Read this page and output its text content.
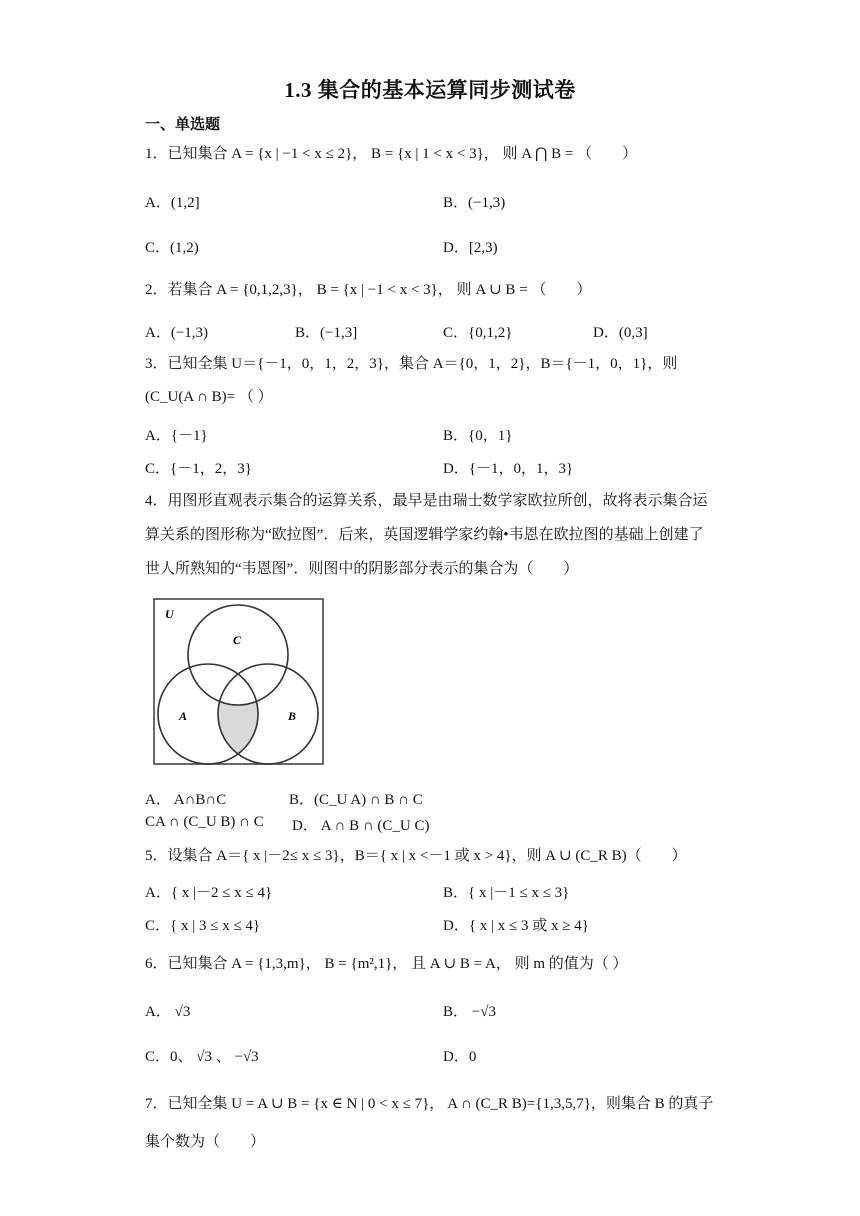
1.3 集合的基本运算同步测试卷
一、单选题
1．已知集合 A = {x | −1 < x ≤ 2}， B = {x | 1 < x < 3}， 则 A ⋂ B = （　　）
A．(1,2]	B．(−1,3)
C．(1,2)	D．[2,3)
2．若集合 A = {0,1,2,3}， B = {x | −1 < x < 3}， 则 A ∪ B = （　　）
A．(−1,3)	B．(−1,3]	C．{0,1,2}	D．(0,3]
3．已知全集 U＝{－1，0，1，2，3}，集合 A＝{0，1，2}，B＝{－1，0，1}，则(C_U(A ∩ B)= （ ）
A．{－1}	B．{0，1}
C．{－1，2，3}	D．{－1，0，1，3}
4．用图形直观表示集合的运算关系，最早是由瑞士数学家欧拉所创，故将表示集合运算关系的图形称为“欧拉图”．后来，英国逻辑学家约翰•韦恩在欧拉图的基础上创建了世人所熟知的“韦恩图”．则图中的阴影部分表示的集合为（　　）
U
C
A	B
A． A∩B∩C	B．(C_U A) ∩ B ∩ C
CA ∩ (C_U B) ∩ C D． A ∩ B ∩ (C_U C)
5．设集合 A＝{ x |－2≤ x ≤ 3}，B＝{ x | x <－1 或 x > 4}，则 A ∪ (C_R B)（　　）
A．{ x |－2 ≤ x ≤ 4}	B．{ x |－1 ≤ x ≤ 3}
C．{ x | 3 ≤ x ≤ 4}	D．{ x | x ≤ 3 或 x ≥ 4}
6．已知集合 A = {1,3,m}， B = {m²,1}， 且 A ∪ B = A， 则 m 的值为（ ）
A． √3	B． −√3
C．0、 √3 、 −√3	D．0
7．已知全集 U = A ∪ B = {x ∈ N | 0 < x ≤ 7}， A ∩ (C_R B)={1,3,5,7}，则集合 B 的真子集个数为（　　）
